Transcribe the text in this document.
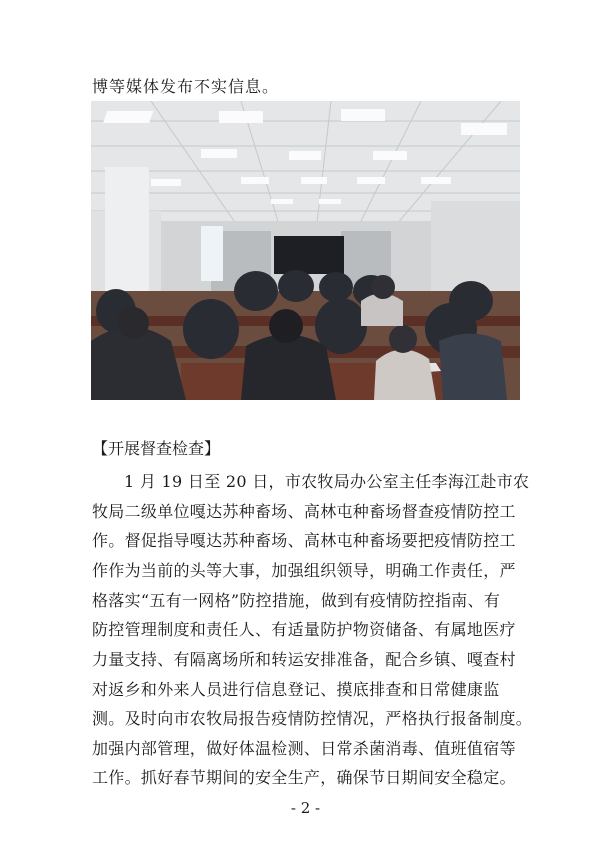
博等媒体发布不实信息。
【开展督查检查】
1 月 19 日至 20 日，市农牧局办公室主任李海江赴市农
牧局二级单位嘎达苏种畜场、高林屯种畜场督查疫情防控工
作。督促指导嘎达苏种畜场、高林屯种畜场要把疫情防控工
作作为当前的头等大事，加强组织领导，明确工作责任，严
格落实“五有一网格”防控措施，做到有疫情防控指南、有
防控管理制度和责任人、有适量防护物资储备、有属地医疗
力量支持、有隔离场所和转运安排准备，配合乡镇、嘎查村
对返乡和外来人员进行信息登记、摸底排查和日常健康监
测。及时向市农牧局报告疫情防控情况，严格执行报备制度。
加强内部管理，做好体温检测、日常杀菌消毒、值班值宿等
工作。抓好春节期间的安全生产，确保节日期间安全稳定。
- 2 -
